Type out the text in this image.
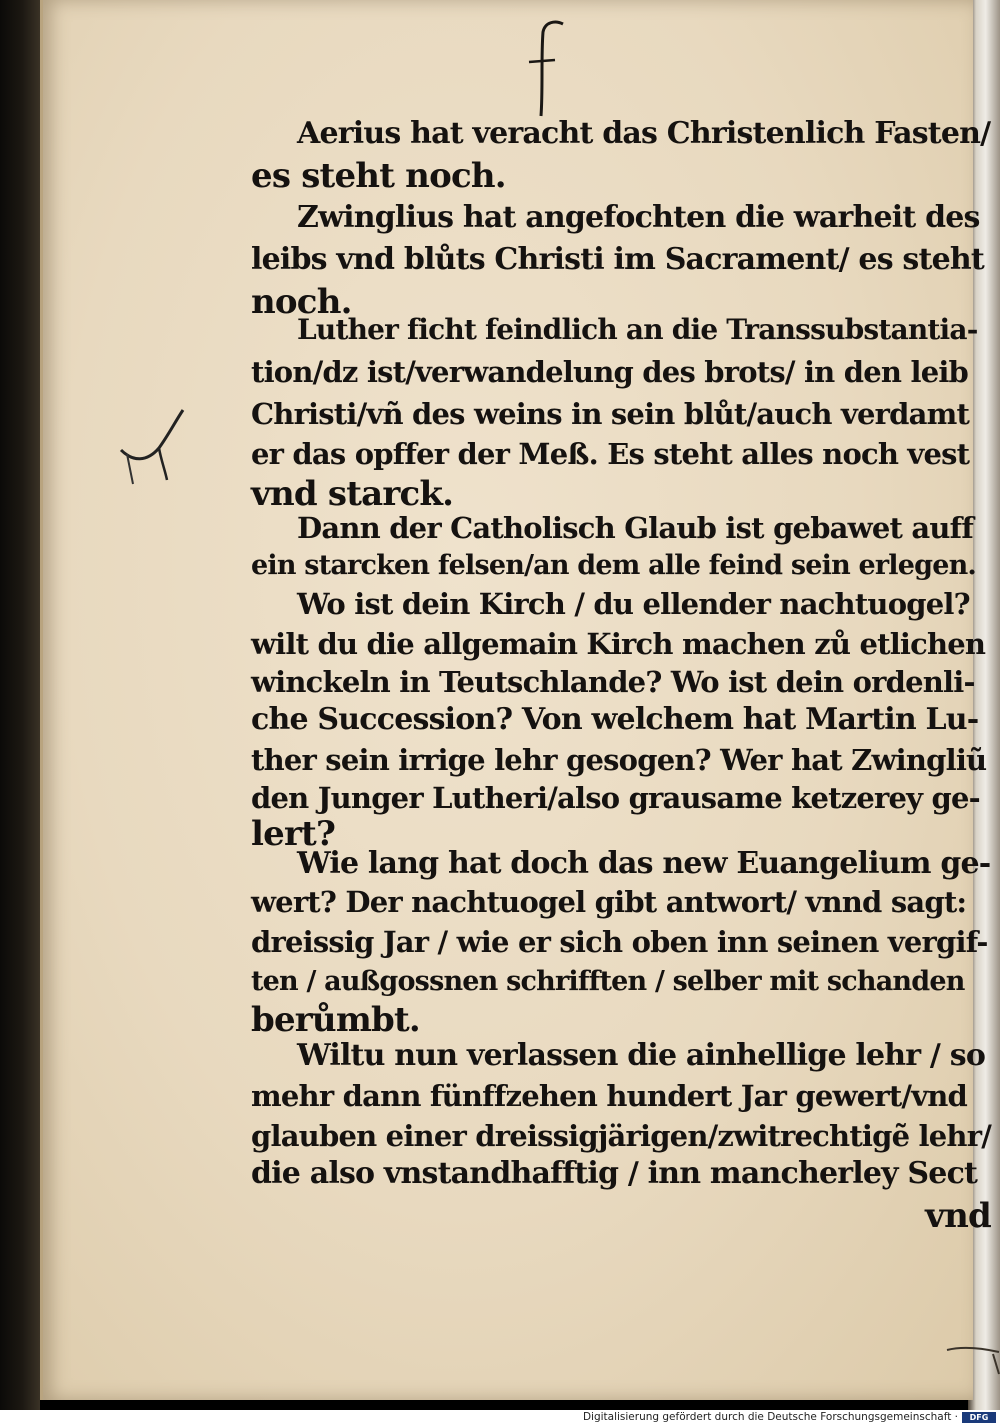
Aerius hat veracht das Christenlich Fasten/
es steht noch.
Zwinglius hat angefochten die warheit des
leibs vnd blůts Christi im Sacrament/ es steht
noch.
Luther ficht feindlich an die Transsubstantia-
tion/dz ist/verwandelung des brots/ in den leib
Christi/vñ des weins in sein blůt/auch verdamt
er das opffer der Meß. Es steht alles noch vest
vnd starck.
Dann der Catholisch Glaub ist gebawet auff
ein starcken felsen/an dem alle feind sein erlegen.
Wo ist dein Kirch / du ellender nachtuogel?
wilt du die allgemain Kirch machen zů etlichen
winckeln in Teutschlande? Wo ist dein ordenli-
che Succession? Von welchem hat Martin Lu-
ther sein irrige lehr gesogen? Wer hat Zwingliũ
den Junger Lutheri/also grausame ketzerey ge-
lert?
Wie lang hat doch das new Euangelium ge-
wert? Der nachtuogel gibt antwort/ vnnd sagt:
dreissig Jar / wie er sich oben inn seinen vergif-
ten / außgossnen schrifften / selber mit schanden
berůmbt.
Wiltu nun verlassen die ainhellige lehr / so
mehr dann fünffzehen hundert Jar gewert/vnd
glauben einer dreissigjärigen/zwitrechtigẽ lehr/
die also vnstandhafftig / inn mancherley Sect
vnd
Digitalisierung gefördert durch die Deutsche Forschungsgemeinschaft ·	DFG
